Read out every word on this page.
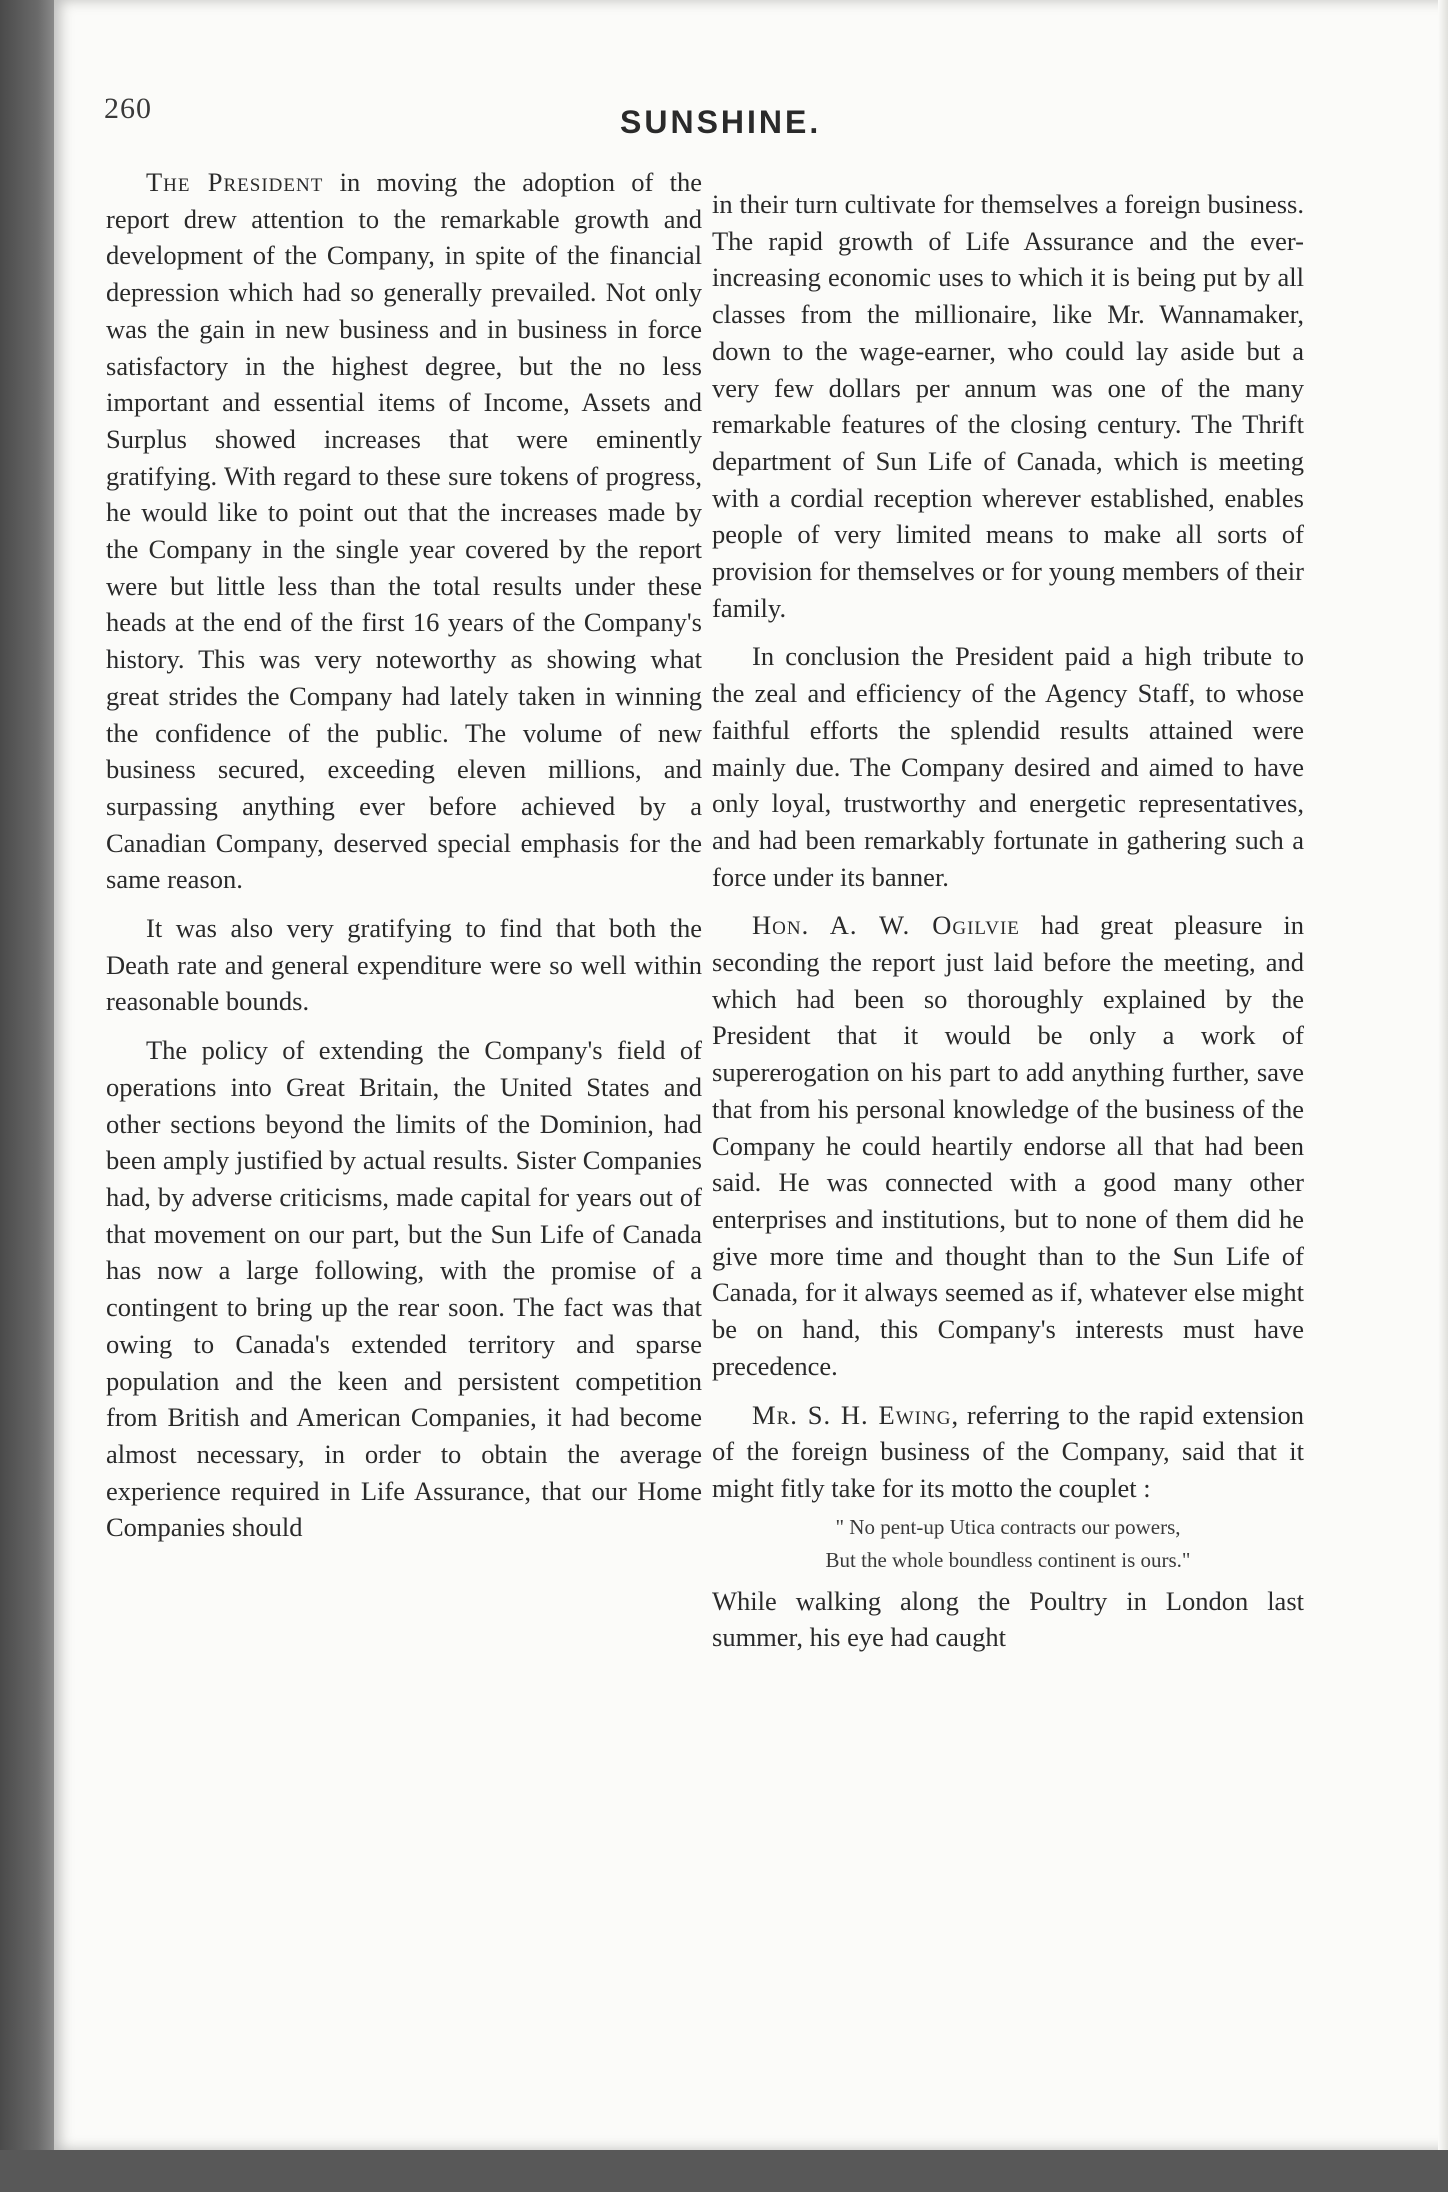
260	SUNSHINE.

The President in moving the adoption of the report drew attention to the remarkable growth and development of the Company, in spite of the financial depression which had so generally prevailed. Not only was the gain in new business and in business in force satisfactory in the highest degree, but the no less important and essential items of Income, Assets and Surplus showed increases that were eminently gratifying. With regard to these sure tokens of progress, he would like to point out that the increases made by the Company in the single year covered by the report were but little less than the total results under these heads at the end of the first 16 years of the Company's history. This was very noteworthy as showing what great strides the Company had lately taken in winning the confidence of the public. The volume of new business secured, exceeding eleven millions, and surpassing anything ever before achieved by a Canadian Company, deserved special emphasis for the same reason.

It was also very gratifying to find that both the Death rate and general expenditure were so well within reasonable bounds.

The policy of extending the Company's field of operations into Great Britain, the United States and other sections beyond the limits of the Dominion, had been amply justified by actual results. Sister Companies had, by adverse criticisms, made capital for years out of that movement on our part, but the Sun Life of Canada has now a large following, with the promise of a contingent to bring up the rear soon. The fact was that owing to Canada's extended territory and sparse population and the keen and persistent competition from British and American Companies, it had become almost necessary, in order to obtain the average experience required in Life Assurance, that our Home Companies should

in their turn cultivate for themselves a foreign business. The rapid growth of Life Assurance and the ever-increasing economic uses to which it is being put by all classes from the millionaire, like Mr. Wannamaker, down to the wage-earner, who could lay aside but a very few dollars per annum was one of the many remarkable features of the closing century. The Thrift department of Sun Life of Canada, which is meeting with a cordial reception wherever established, enables people of very limited means to make all sorts of provision for themselves or for young members of their family.

In conclusion the President paid a high tribute to the zeal and efficiency of the Agency Staff, to whose faithful efforts the splendid results attained were mainly due. The Company desired and aimed to have only loyal, trustworthy and energetic representatives, and had been remarkably fortunate in gathering such a force under its banner.

Hon. A. W. Ogilvie had great pleasure in seconding the report just laid before the meeting, and which had been so thoroughly explained by the President that it would be only a work of supererogation on his part to add anything further, save that from his personal knowledge of the business of the Company he could heartily endorse all that had been said. He was connected with a good many other enterprises and institutions, but to none of them did he give more time and thought than to the Sun Life of Canada, for it always seemed as if, whatever else might be on hand, this Company's interests must have precedence.

Mr. S. H. Ewing, referring to the rapid extension of the foreign business of the Company, said that it might fitly take for its motto the couplet :

" No pent-up Utica contracts our powers,
But the whole boundless continent is ours."

While walking along the Poultry in London last summer, his eye had caught
